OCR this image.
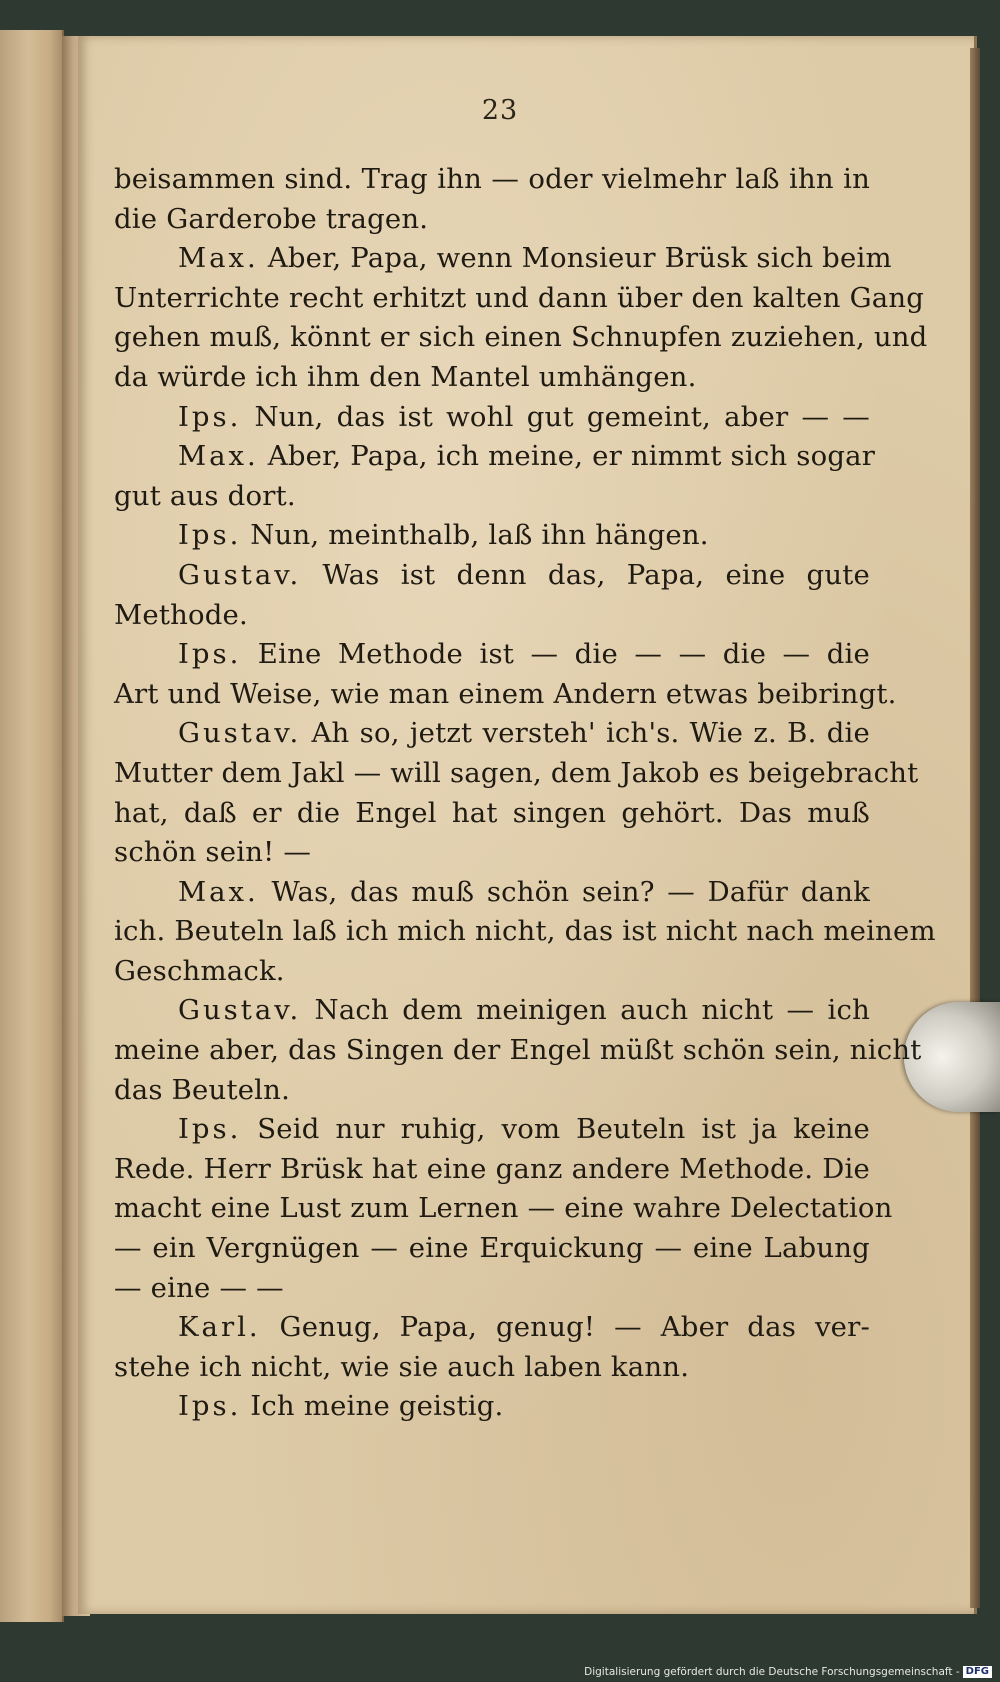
23
beisammen sind. Trag ihn — oder vielmehr laß ihn in
die Garderobe tragen.
Max. Aber, Papa, wenn Monsieur Brüsk sich beim
Unterrichte recht erhitzt und dann über den kalten Gang
gehen muß, könnt er sich einen Schnupfen zuziehen, und
da würde ich ihm den Mantel umhängen.
Ips. Nun, das ist wohl gut gemeint, aber — —
Max. Aber, Papa, ich meine, er nimmt sich sogar
gut aus dort.
Ips. Nun, meinthalb, laß ihn hängen.
Gustav. Was ist denn das, Papa, eine gute
Methode.
Ips. Eine Methode ist — die — — die — die
Art und Weise, wie man einem Andern etwas beibringt.
Gustav. Ah so, jetzt versteh' ich's. Wie z. B. die
Mutter dem Jakl — will sagen, dem Jakob es beigebracht
hat, daß er die Engel hat singen gehört. Das muß
schön sein! —
Max. Was, das muß schön sein? — Dafür dank
ich. Beuteln laß ich mich nicht, das ist nicht nach meinem
Geschmack.
Gustav. Nach dem meinigen auch nicht — ich
meine aber, das Singen der Engel müßt schön sein, nicht
das Beuteln.
Ips. Seid nur ruhig, vom Beuteln ist ja keine
Rede. Herr Brüsk hat eine ganz andere Methode. Die
macht eine Lust zum Lernen — eine wahre Delectation
— ein Vergnügen — eine Erquickung — eine Labung
— eine — —
Karl. Genug, Papa, genug! — Aber das ver-
stehe ich nicht, wie sie auch laben kann.
Ips. Ich meine geistig.
Digitalisierung gefördert durch die Deutsche Forschungsgemeinschaft - DFG
